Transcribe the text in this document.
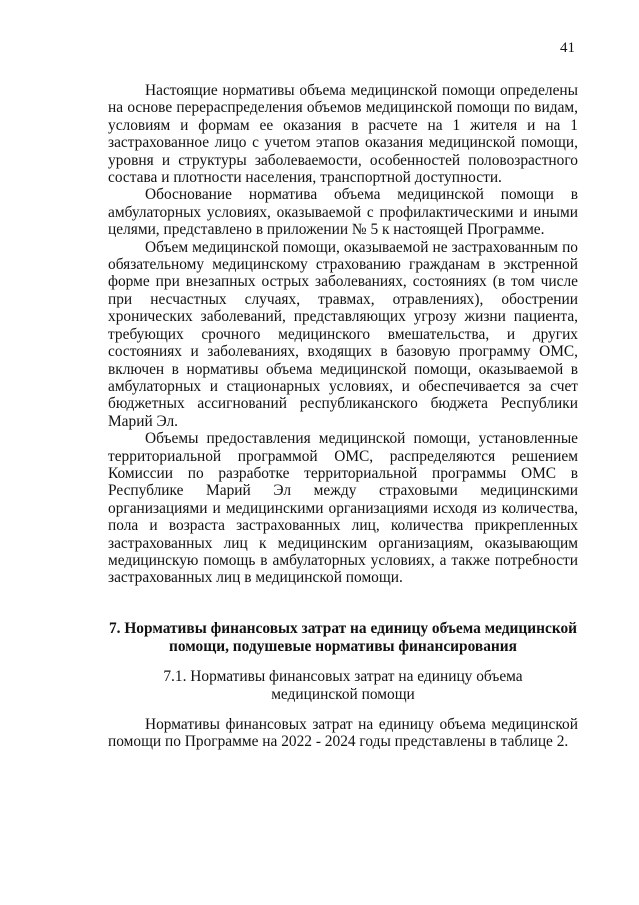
41

Настоящие нормативы объема медицинской помощи определены на основе перераспределения объемов медицинской помощи по видам, условиям и формам ее оказания в расчете на 1 жителя и на 1 застрахованное лицо с учетом этапов оказания медицинской помощи, уровня и структуры заболеваемости, особенностей половозрастного состава и плотности населения, транспортной доступности.

Обоснование норматива объема медицинской помощи в амбулаторных условиях, оказываемой с профилактическими и иными целями, представлено в приложении № 5 к настоящей Программе.

Объем медицинской помощи, оказываемой не застрахованным по обязательному медицинскому страхованию гражданам в экстренной форме при внезапных острых заболеваниях, состояниях (в том числе при несчастных случаях, травмах, отравлениях), обострении хронических заболеваний, представляющих угрозу жизни пациента, требующих срочного медицинского вмешательства, и других состояниях и заболеваниях, входящих в базовую программу ОМС, включен в нормативы объема медицинской помощи, оказываемой в амбулаторных и стационарных условиях, и обеспечивается за счет бюджетных ассигнований республиканского бюджета Республики Марий Эл.

Объемы предоставления медицинской помощи, установленные территориальной программой ОМС, распределяются решением Комиссии по разработке территориальной программы ОМС в Республике Марий Эл между страховыми медицинскими организациями и медицинскими организациями исходя из количества, пола и возраста застрахованных лиц, количества прикрепленных застрахованных лиц к медицинским организациям, оказывающим медицинскую помощь в амбулаторных условиях, а также потребности застрахованных лиц в медицинской помощи.

7. Нормативы финансовых затрат на единицу объема медицинской помощи, подушевые нормативы финансирования

7.1. Нормативы финансовых затрат на единицу объема медицинской помощи

Нормативы финансовых затрат на единицу объема медицинской помощи по Программе на 2022 - 2024 годы представлены в таблице 2.
